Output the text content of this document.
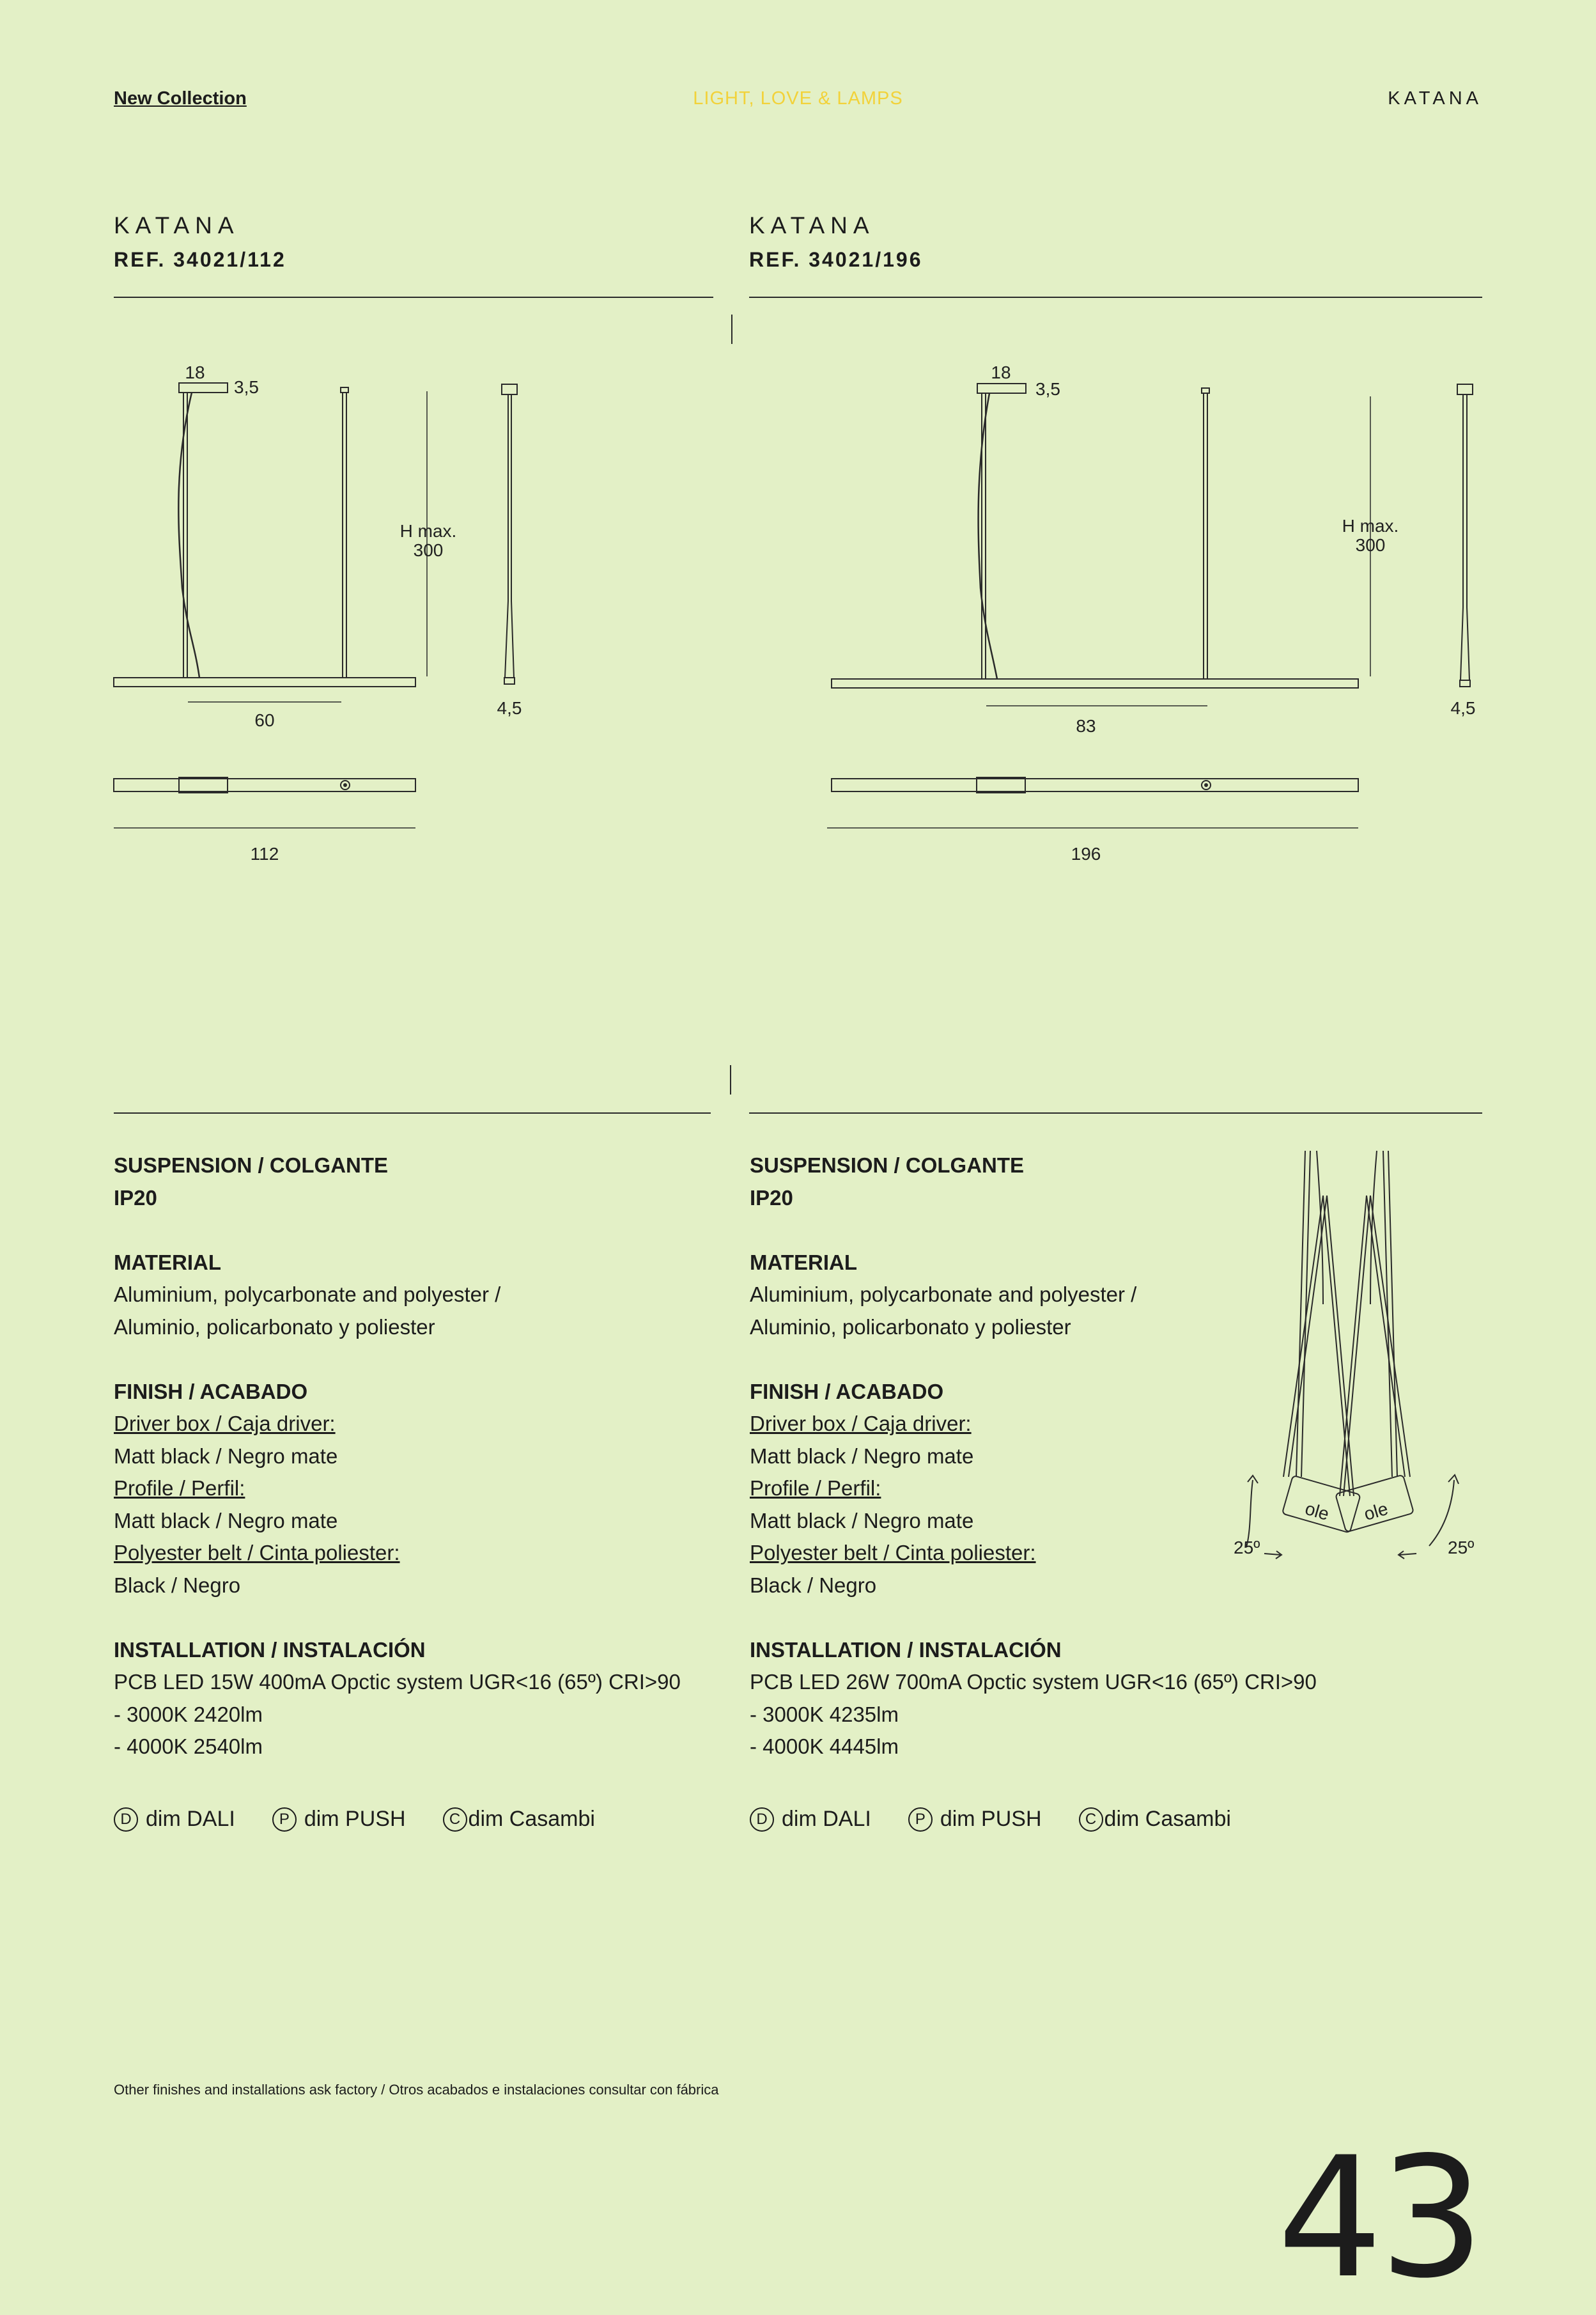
New Collection	LIGHT, LOVE & LAMPS	KATANA
KATANA
REF. 34021/112
KATANA
REF. 34021/196
18
3,5
H max.
300
4,5
60
112
18
3,5
H max.
300
4,5
83
196
SUSPENSION / COLGANTE
IP20
MATERIAL
Aluminium, polycarbonate and polyester /
Aluminio, policarbonato y poliester
FINISH / ACABADO
Driver box / Caja driver:
Matt black / Negro mate
Profile / Perfil:
Matt black / Negro mate
Polyester belt / Cinta poliester:
Black / Negro
INSTALLATION / INSTALACIÓN
PCB LED 15W 400mA Opctic system UGR<16 (65º) CRI>90
- 3000K 2420lm
- 4000K 2540lm
D dim DALI	P dim PUSH	C dim Casambi
SUSPENSION / COLGANTE
IP20
MATERIAL
Aluminium, polycarbonate and polyester /
Aluminio, policarbonato y poliester
FINISH / ACABADO
Driver box / Caja driver:
Matt black / Negro mate
Profile / Perfil:
Matt black / Negro mate
Polyester belt / Cinta poliester:
Black / Negro
INSTALLATION / INSTALACIÓN
PCB LED 26W 700mA Opctic system UGR<16 (65º) CRI>90
- 3000K 4235lm
- 4000K 4445lm
D dim DALI	P dim PUSH	C dim Casambi
ole ole
25º	25º
Other finishes and installations ask factory / Otros acabados e instalaciones consultar con fábrica
43
